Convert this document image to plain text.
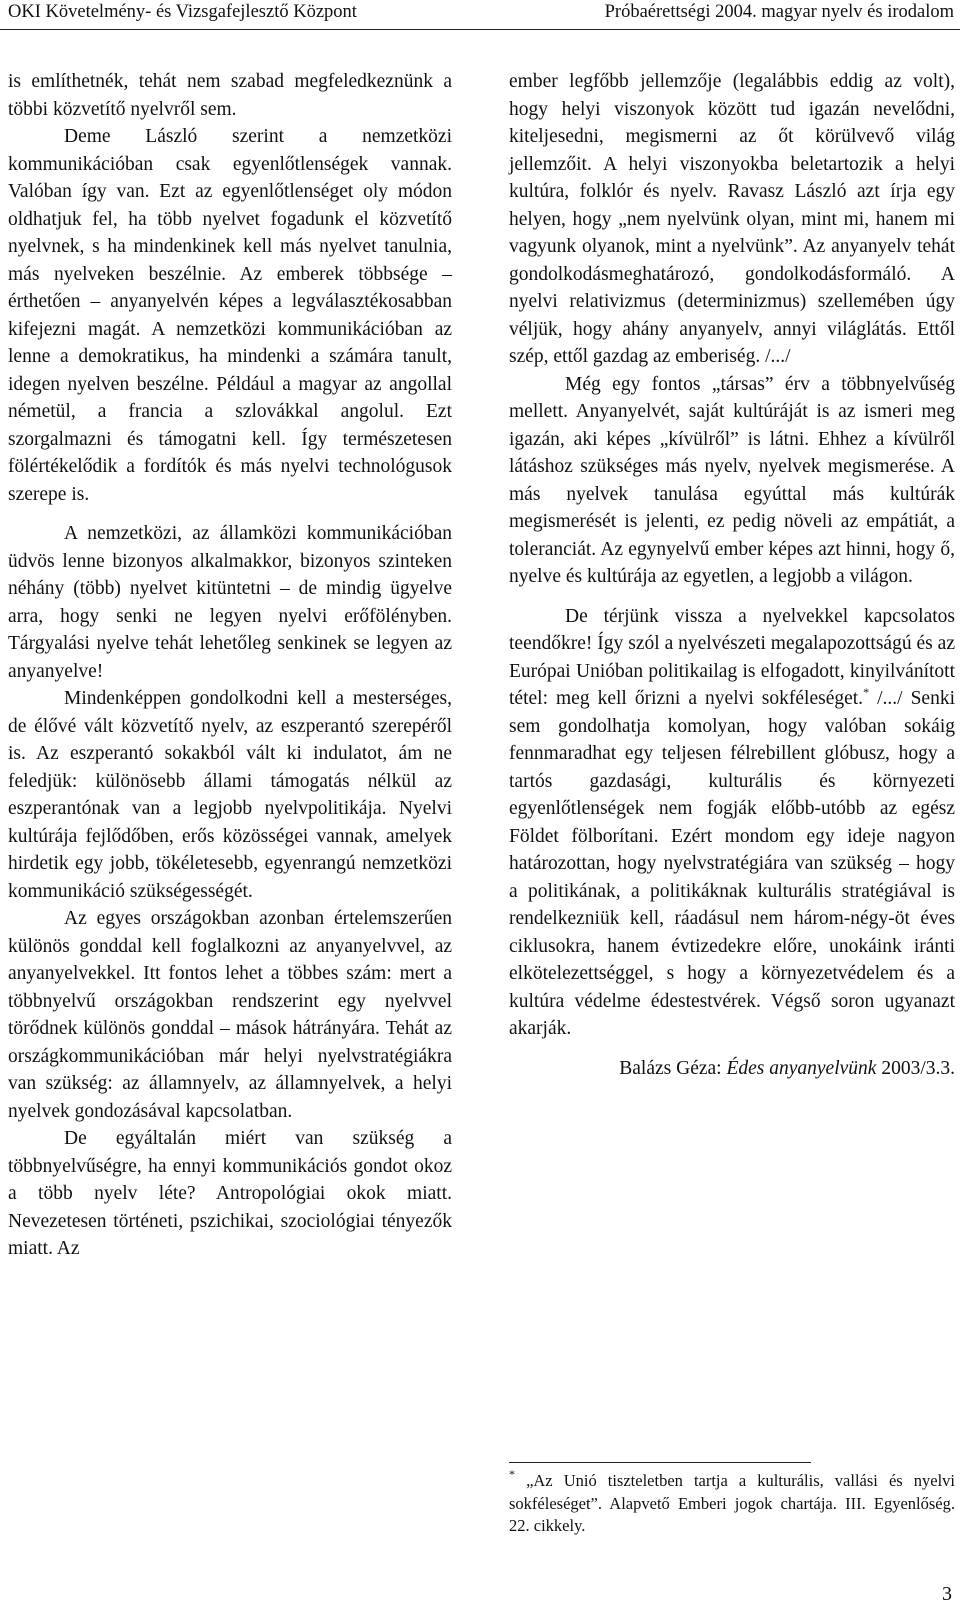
OKI Követelmény- és Vizsgafejlesztő Központ	Próbaérettségi 2004. magyar nyelv és irodalom

is említhetnék, tehát nem szabad megfeledkeznünk a többi közvetítő nyelvről sem.

Deme László szerint a nemzetközi kommunikációban csak egyenlőtlenségek vannak. Valóban így van. Ezt az egyenlőtlenséget oly módon oldhatjuk fel, ha több nyelvet fogadunk el közvetítő nyelvnek, s ha mindenkinek kell más nyelvet tanulnia, más nyelveken beszélnie. Az emberek többsége – érthetően – anyanyelvén képes a legválasztékosabban kifejezni magát. A nemzetközi kommunikációban az lenne a demokratikus, ha mindenki a számára tanult, idegen nyelven beszélne. Például a magyar az angollal németül, a francia a szlovákkal angolul. Ezt szorgalmazni és támogatni kell. Így természetesen fölértékelődik a fordítók és más nyelvi technológusok szerepe is.

A nemzetközi, az államközi kommunikációban üdvös lenne bizonyos alkalmakkor, bizonyos szinteken néhány (több) nyelvet kitüntetni – de mindig ügyelve arra, hogy senki ne legyen nyelvi erőfölényben. Tárgyalási nyelve tehát lehetőleg senkinek se legyen az anyanyelve!

Mindenképpen gondolkodni kell a mesterséges, de élővé vált közvetítő nyelv, az eszperantó szerepéről is. Az eszperantó sokakból vált ki indulatot, ám ne feledjük: különösebb állami támogatás nélkül az eszperantónak van a legjobb nyelvpolitikája. Nyelvi kultúrája fejlődőben, erős közösségei vannak, amelyek hirdetik egy jobb, tökéletesebb, egyenrangú nemzetközi kommunikáció szükségességét.

Az egyes országokban azonban értelemszerűen különös gonddal kell foglalkozni az anyanyelvvel, az anyanyelvekkel. Itt fontos lehet a többes szám: mert a többnyelvű országokban rendszerint egy nyelvvel törődnek különös gonddal – mások hátrányára. Tehát az országkommunikációban már helyi nyelvstratégiákra van szükség: az államnyelv, az államnyelvek, a helyi nyelvek gondozásával kapcsolatban.

De egyáltalán miért van szükség a többnyelvűségre, ha ennyi kommunikációs gondot okoz a több nyelv léte? Antropológiai okok miatt. Nevezetesen történeti, pszichikai, szociológiai tényezők miatt. Az

ember legfőbb jellemzője (legalábbis eddig az volt), hogy helyi viszonyok között tud igazán nevelődni, kiteljesedni, megismerni az őt körülvevő világ jellemzőit. A helyi viszonyokba beletartozik a helyi kultúra, folklór és nyelv. Ravasz László azt írja egy helyen, hogy „nem nyelvünk olyan, mint mi, hanem mi vagyunk olyanok, mint a nyelvünk”. Az anyanyelv tehát gondolkodásmeghatározó, gondolkodásformáló. A nyelvi relativizmus (determinizmus) szellemében úgy véljük, hogy ahány anyanyelv, annyi világlátás. Ettől szép, ettől gazdag az emberiség. /.../

Még egy fontos „társas” érv a többnyelvűség mellett. Anyanyelvét, saját kultúráját is az ismeri meg igazán, aki képes „kívülről” is látni. Ehhez a kívülről látáshoz szükséges más nyelv, nyelvek megismerése. A más nyelvek tanulása egyúttal más kultúrák megismerését is jelenti, ez pedig növeli az empátiát, a toleranciát. Az egynyelvű ember képes azt hinni, hogy ő, nyelve és kultúrája az egyetlen, a legjobb a világon.

De térjünk vissza a nyelvekkel kapcsolatos teendőkre! Így szól a nyelvészeti megalapozottságú és az Európai Unióban politikailag is elfogadott, kinyilvánított tétel: meg kell őrizni a nyelvi sokféleséget.* /.../ Senki sem gondolhatja komolyan, hogy valóban sokáig fennmaradhat egy teljesen félrebillent glóbusz, hogy a tartós gazdasági, kulturális és környezeti egyenlőtlenségek nem fogják előbb-utóbb az egész Földet fölborítani. Ezért mondom egy ideje nagyon határozottan, hogy nyelvstratégiára van szükség – hogy a politikának, a politikáknak kulturális stratégiával is rendelkezniük kell, ráadásul nem három-négy-öt éves ciklusokra, hanem évtizedekre előre, unokáink iránti elkötelezettséggel, s hogy a környezetvédelem és a kultúra védelme édestestvérek. Végső soron ugyanazt akarják.

Balázs Géza: Édes anyanyelvünk 2003/3.3.

* „Az Unió tiszteletben tartja a kulturális, vallási és nyelvi sokféleséget”. Alapvető Emberi jogok chartája. III. Egyenlőség. 22. cikkely.
3
